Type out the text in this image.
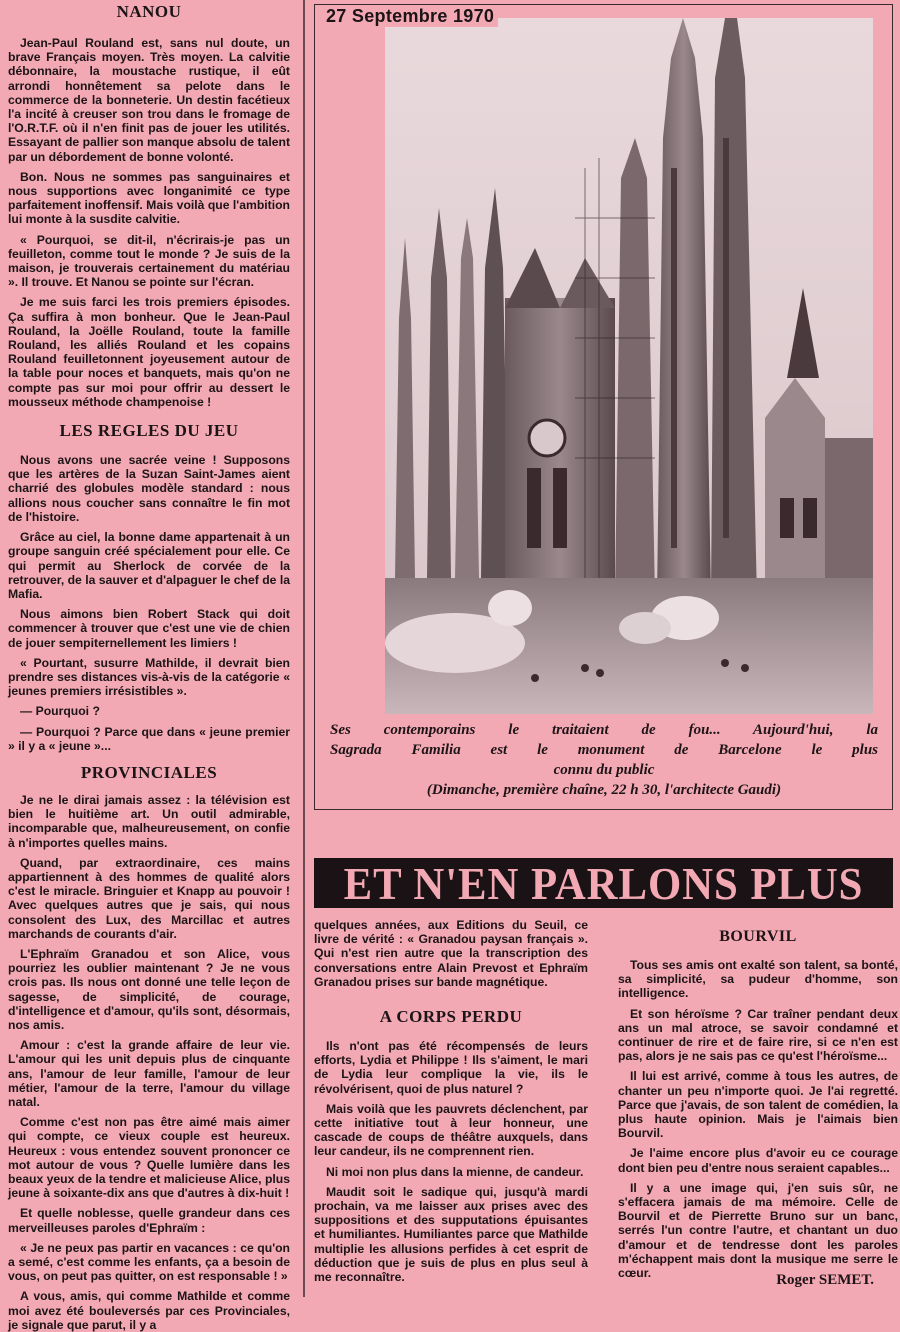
NANOU

Jean-Paul Rouland est, sans nul doute, un brave Français moyen. Très moyen. La calvitie débonnaire, la moustache rustique, il eût arrondi honnêtement sa pelote dans le commerce de la bonneterie. Un destin facétieux l'a incité à creuser son trou dans le fromage de l'O.R.T.F. où il n'en finit pas de jouer les utilités. Essayant de pallier son manque absolu de talent par un débordement de bonne volonté.

Bon. Nous ne sommes pas sanguinaires et nous supportions avec longanimité ce type parfaitement inoffensif. Mais voilà que l'ambition lui monte à la susdite calvitie.

« Pourquoi, se dit-il, n'écrirais-je pas un feuilleton, comme tout le monde ? Je suis de la maison, je trouverais certainement du matériau ». Il trouve. Et Nanou se pointe sur l'écran.

Je me suis farci les trois premiers épisodes. Ça suffira à mon bonheur. Que le Jean-Paul Rouland, la Joëlle Rouland, toute la famille Rouland, les alliés Rouland et les copains Rouland feuilletonnent joyeusement autour de la table pour noces et banquets, mais qu'on ne compte pas sur moi pour offrir au dessert le mousseux méthode champenoise !

LES REGLES DU JEU

Nous avons une sacrée veine ! Supposons que les artères de la Suzan Saint-James aient charrié des globules modèle standard : nous allions nous coucher sans connaître le fin mot de l'histoire.

Grâce au ciel, la bonne dame appartenait à un groupe sanguin créé spécialement pour elle. Ce qui permit au Sherlock de corvée de la retrouver, de la sauver et d'alpaguer le chef de la Mafia.

Nous aimons bien Robert Stack qui doit commencer à trouver que c'est une vie de chien de jouer sempiternellement les limiers !

« Pourtant, susurre Mathilde, il devrait bien prendre ses distances vis-à-vis de la catégorie « jeunes premiers irrésistibles ».

— Pourquoi ?

— Pourquoi ? Parce que dans « jeune premier » il y a « jeune »...

PROVINCIALES

Je ne le dirai jamais assez : la télévision est bien le huitième art. Un outil admirable, incomparable que, malheureusement, on confie à n'importes quelles mains.

Quand, par extraordinaire, ces mains appartiennent à des hommes de qualité alors c'est le miracle. Bringuier et Knapp au pouvoir ! Avec quelques autres que je sais, qui nous consolent des Lux, des Marcillac et autres marchands de courants d'air.

L'Ephraïm Granadou et son Alice, vous pourriez les oublier maintenant ? Je ne vous crois pas. Ils nous ont donné une telle leçon de sagesse, de simplicité, de courage, d'intelligence et d'amour, qu'ils sont, désormais, nos amis.

Amour : c'est la grande affaire de leur vie. L'amour qui les unit depuis plus de cinquante ans, l'amour de leur famille, l'amour de leur métier, l'amour de la terre, l'amour du village natal.

Comme c'est non pas être aimé mais aimer qui compte, ce vieux couple est heureux. Heureux : vous entendez souvent prononcer ce mot autour de vous ? Quelle lumière dans les beaux yeux de la tendre et malicieuse Alice, plus jeune à soixante-dix ans que d'autres à dix-huit !

Et quelle noblesse, quelle grandeur dans ces merveilleuses paroles d'Ephraïm :

« Je ne peux pas partir en vacances : ce qu'on a semé, c'est comme les enfants, ça a besoin de vous, on peut pas quitter, on est responsable ! »

A vous, amis, qui comme Mathilde et comme moi avez été bouleversés par ces Provinciales, je signale que parut, il y a

27 Septembre 1970
Ses contemporains le traitaient de fou... Aujourd'hui, la
Sagrada Familia est le monument de Barcelone le plus
connu du public
(Dimanche, première chaîne, 22 h 30, l'architecte Gaudi)
ET N'EN PARLONS PLUS

quelques années, aux Editions du Seuil, ce livre de vérité : « Granadou paysan français ». Qui n'est rien autre que la transcription des conversations entre Alain Prevost et Ephraïm Granadou prises sur bande magnétique.

A CORPS PERDU

Ils n'ont pas été récompensés de leurs efforts, Lydia et Philippe ! Ils s'aiment, le mari de Lydia leur complique la vie, ils le révolvérisent, quoi de plus naturel ?

Mais voilà que les pauvrets déclenchent, par cette initiative tout à leur honneur, une cascade de coups de théâtre auxquels, dans leur candeur, ils ne comprennent rien.

Ni moi non plus dans la mienne, de candeur.

Maudit soit le sadique qui, jusqu'à mardi prochain, va me laisser aux prises avec des suppositions et des supputations épuisantes et humiliantes. Humiliantes parce que Mathilde multiplie les allusions perfides à cet esprit de déduction que je suis de plus en plus seul à me reconnaître.

BOURVIL

Tous ses amis ont exalté son talent, sa bonté, sa simplicité, sa pudeur d'homme, son intelligence.

Et son héroïsme ? Car traîner pendant deux ans un mal atroce, se savoir condamné et continuer de rire et de faire rire, si ce n'en est pas, alors je ne sais pas ce qu'est l'héroïsme...

Il lui est arrivé, comme à tous les autres, de chanter un peu n'importe quoi. Je l'ai regretté. Parce que j'avais, de son talent de comédien, la plus haute opinion. Mais je l'aimais bien Bourvil.

Je l'aime encore plus d'avoir eu ce courage dont bien peu d'entre nous seraient capables...

Il y a une image qui, j'en suis sûr, ne s'effacera jamais de ma mémoire. Celle de Bourvil et de Pierrette Bruno sur un banc, serrés l'un contre l'autre, et chantant un duo d'amour et de tendresse dont les paroles m'échappent mais dont la musique me serre le cœur.	Roger SEMET.
